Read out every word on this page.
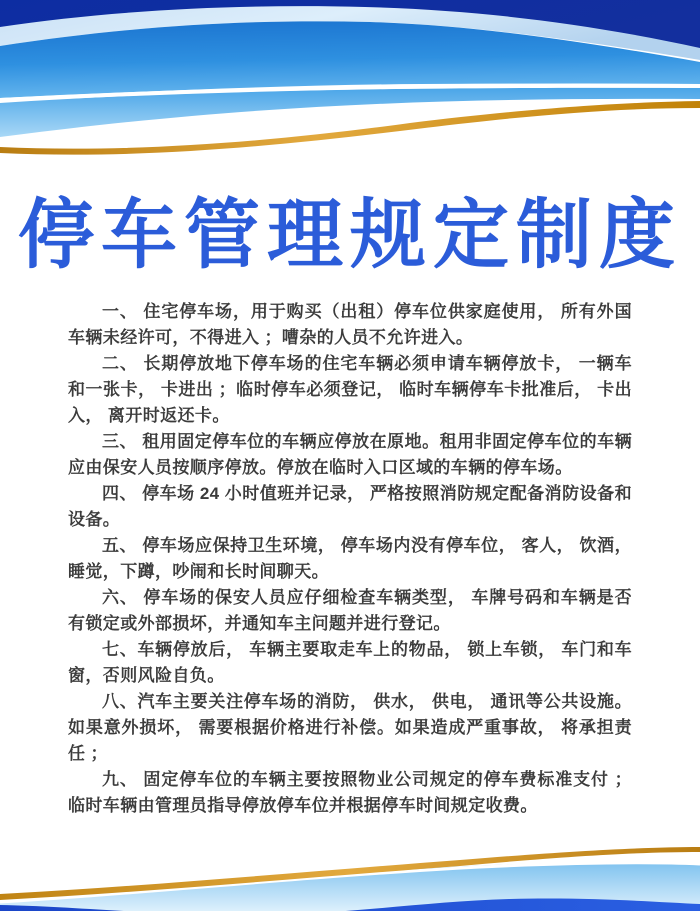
停车管理规定制度

一、 住宅停车场，用于购买（出租）停车位供家庭使用， 所有外国车辆未经许可，不得进入 ；嘈杂的人员不允许进入。

二、 长期停放地下停车场的住宅车辆必须申请车辆停放卡， 一辆车和一张卡， 卡进出 ；临时停车必须登记， 临时车辆停车卡批准后， 卡出入， 离开时返还卡。

三、 租用固定停车位的车辆应停放在原地。租用非固定停车位的车辆应由保安人员按顺序停放。停放在临时入口区域的车辆的停车场。

四、 停车场 24 小时值班并记录， 严格按照消防规定配备消防设备和设备。

五、 停车场应保持卫生环境， 停车场内没有停车位， 客人， 饮酒，睡觉，下蹲，吵闹和长时间聊天。

六、 停车场的保安人员应仔细检查车辆类型， 车牌号码和车辆是否有锁定或外部损坏，并通知车主问题并进行登记。

七、车辆停放后， 车辆主要取走车上的物品， 锁上车锁， 车门和车窗，否则风险自负。

八、汽车主要关注停车场的消防， 供水， 供电， 通讯等公共设施。如果意外损坏， 需要根据价格进行补偿。如果造成严重事故， 将承担责任 ；

九、 固定停车位的车辆主要按照物业公司规定的停车费标准支付 ；临时车辆由管理员指导停放停车位并根据停车时间规定收费。
